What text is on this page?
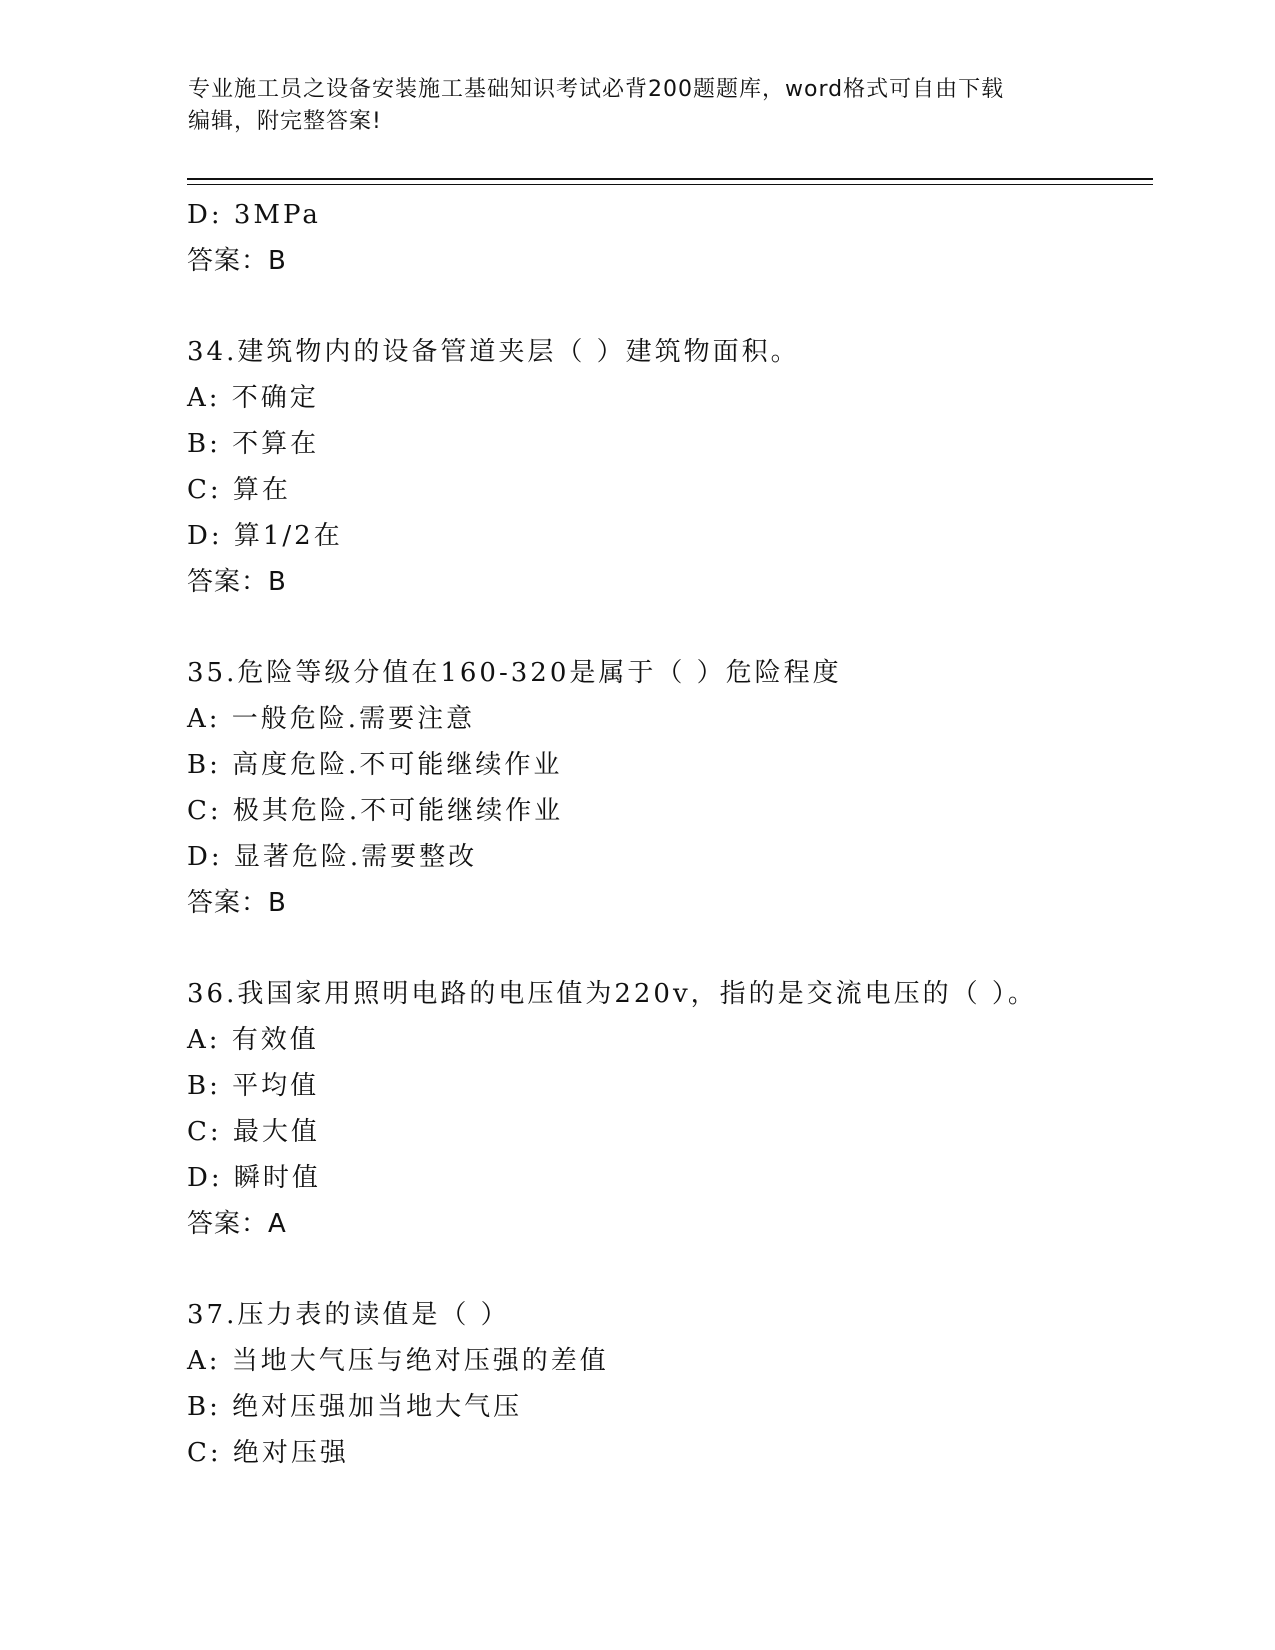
专业施工员之设备安装施工基础知识考试必背200题题库，word格式可自由下载
编辑，附完整答案!
D: 3MPa
答案：B
34.建筑物内的设备管道夹层（ ）建筑物面积。
A: 不确定
B: 不算在
C: 算在
D: 算1/2在
答案：B
35.危险等级分值在160-320是属于（ ）危险程度
A: 一般危险.需要注意
B: 高度危险.不可能继续作业
C: 极其危险.不可能继续作业
D: 显著危险.需要整改
答案：B
36.我国家用照明电路的电压值为220v，指的是交流电压的（ ）。
A: 有效值
B: 平均值
C: 最大值
D: 瞬时值
答案：A
37.压力表的读值是（ ）
A: 当地大气压与绝对压强的差值
B: 绝对压强加当地大气压
C: 绝对压强
